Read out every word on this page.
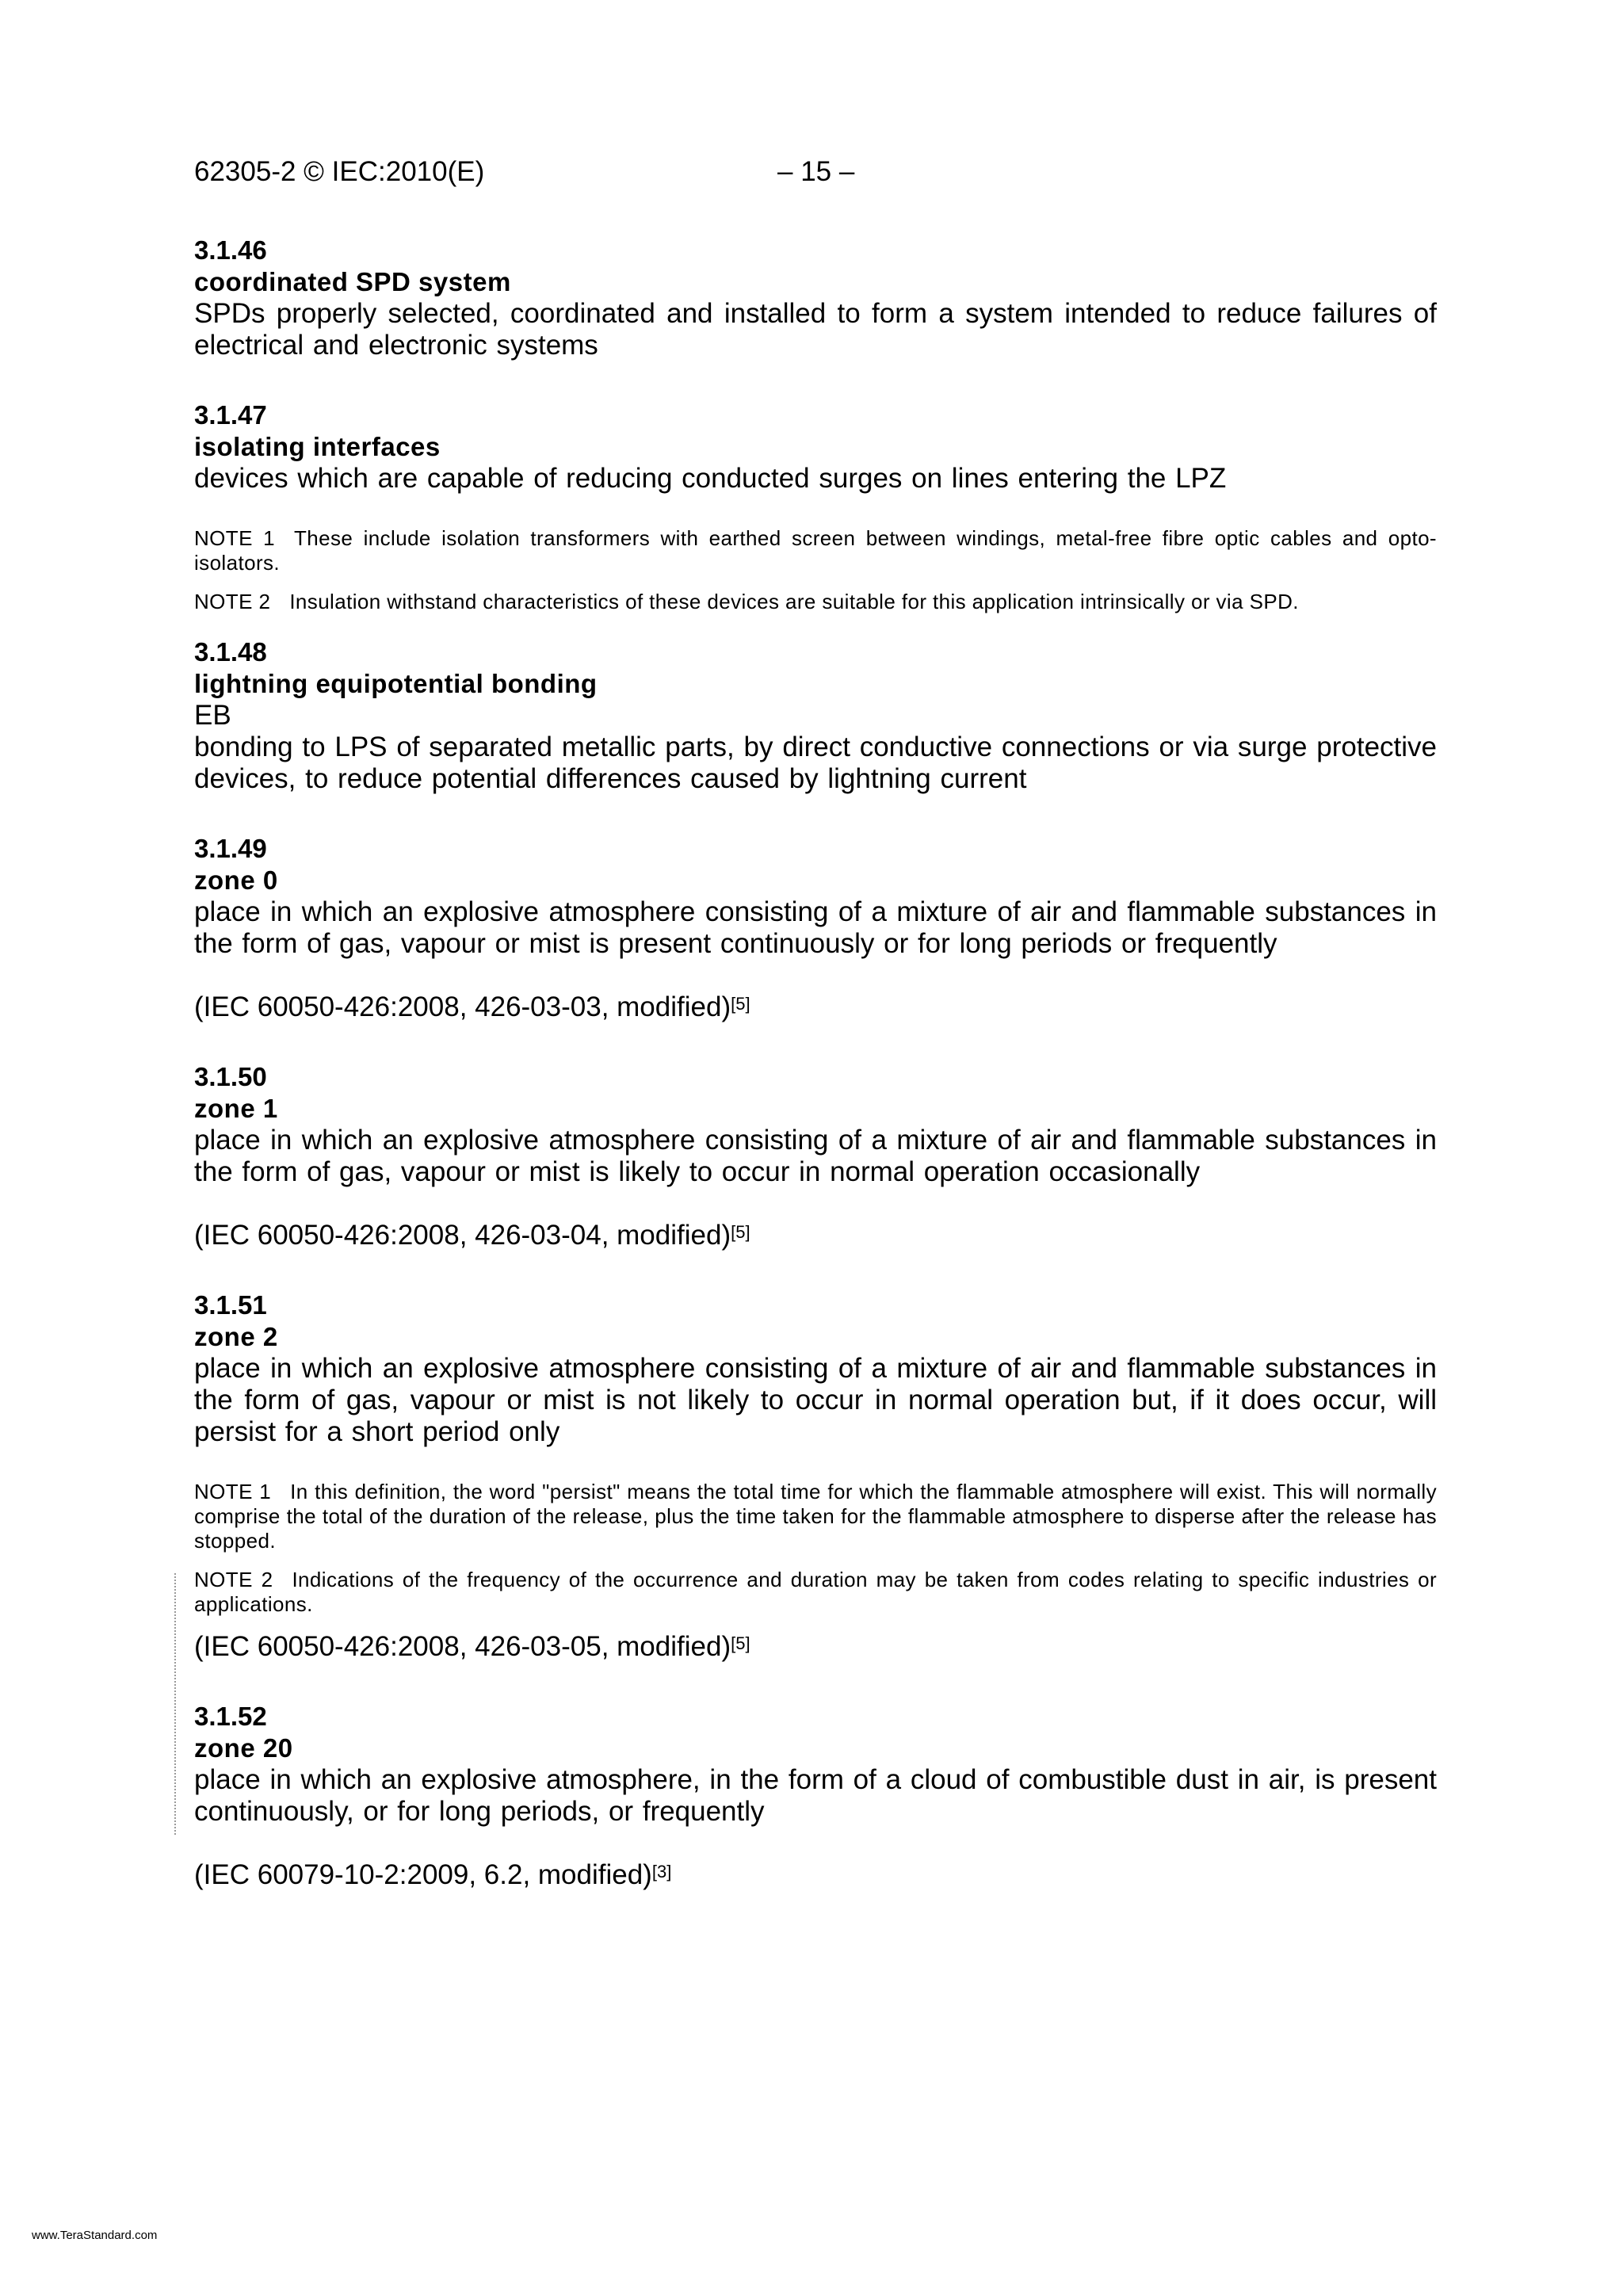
62305-2 © IEC:2010(E)	– 15 –

3.1.46

coordinated SPD system

SPDs properly selected, coordinated and installed to form a system intended to reduce failures of electrical and electronic systems

3.1.47

isolating interfaces

devices which are capable of reducing conducted surges on lines entering the LPZ

NOTE 1 These include isolation transformers with earthed screen between windings, metal-free fibre optic cables and opto-isolators.

NOTE 2 Insulation withstand characteristics of these devices are suitable for this application intrinsically or via SPD.

3.1.48

lightning equipotential bonding

EB

bonding to LPS of separated metallic parts, by direct conductive connections or via surge protective devices, to reduce potential differences caused by lightning current

3.1.49

zone 0

place in which an explosive atmosphere consisting of a mixture of air and flammable substances in the form of gas, vapour or mist is present continuously or for long periods or frequently

(IEC 60050-426:2008, 426-03-03, modified)[5]

3.1.50

zone 1

place in which an explosive atmosphere consisting of a mixture of air and flammable substances in the form of gas, vapour or mist is likely to occur in normal operation occasionally

(IEC 60050-426:2008, 426-03-04, modified)[5]

3.1.51

zone 2

place in which an explosive atmosphere consisting of a mixture of air and flammable substances in the form of gas, vapour or mist is not likely to occur in normal operation but, if it does occur, will persist for a short period only

NOTE 1 In this definition, the word "persist" means the total time for which the flammable atmosphere will exist. This will normally comprise the total of the duration of the release, plus the time taken for the flammable atmosphere to disperse after the release has stopped.

NOTE 2 Indications of the frequency of the occurrence and duration may be taken from codes relating to specific industries or applications.

(IEC 60050-426:2008, 426-03-05, modified)[5]

3.1.52

zone 20

place in which an explosive atmosphere, in the form of a cloud of combustible dust in air, is present continuously, or for long periods, or frequently

(IEC 60079-10-2:2009, 6.2, modified)[3]

www.TeraStandard.com
